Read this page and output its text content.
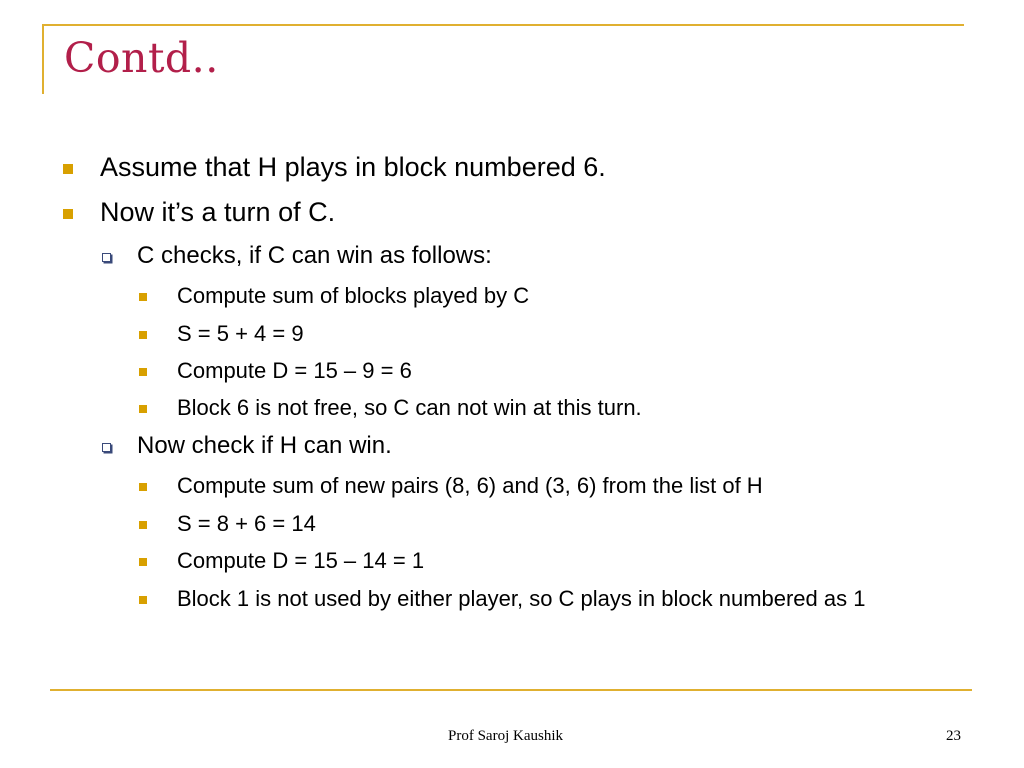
Contd..
Assume that H plays in block numbered 6.
Now it’s a turn of C.
C checks, if C can win as follows:
Compute sum of blocks played by C
S = 5 + 4 = 9
Compute D = 15 – 9 = 6
Block 6 is not free, so C can not win at this turn.
Now check if H can win.
Compute sum of new pairs (8, 6) and (3, 6) from the list of H
S = 8 + 6 = 14
Compute D = 15 – 14 = 1
Block 1 is not used by either player, so C plays in block numbered as 1
Prof Saroj Kaushik	23
